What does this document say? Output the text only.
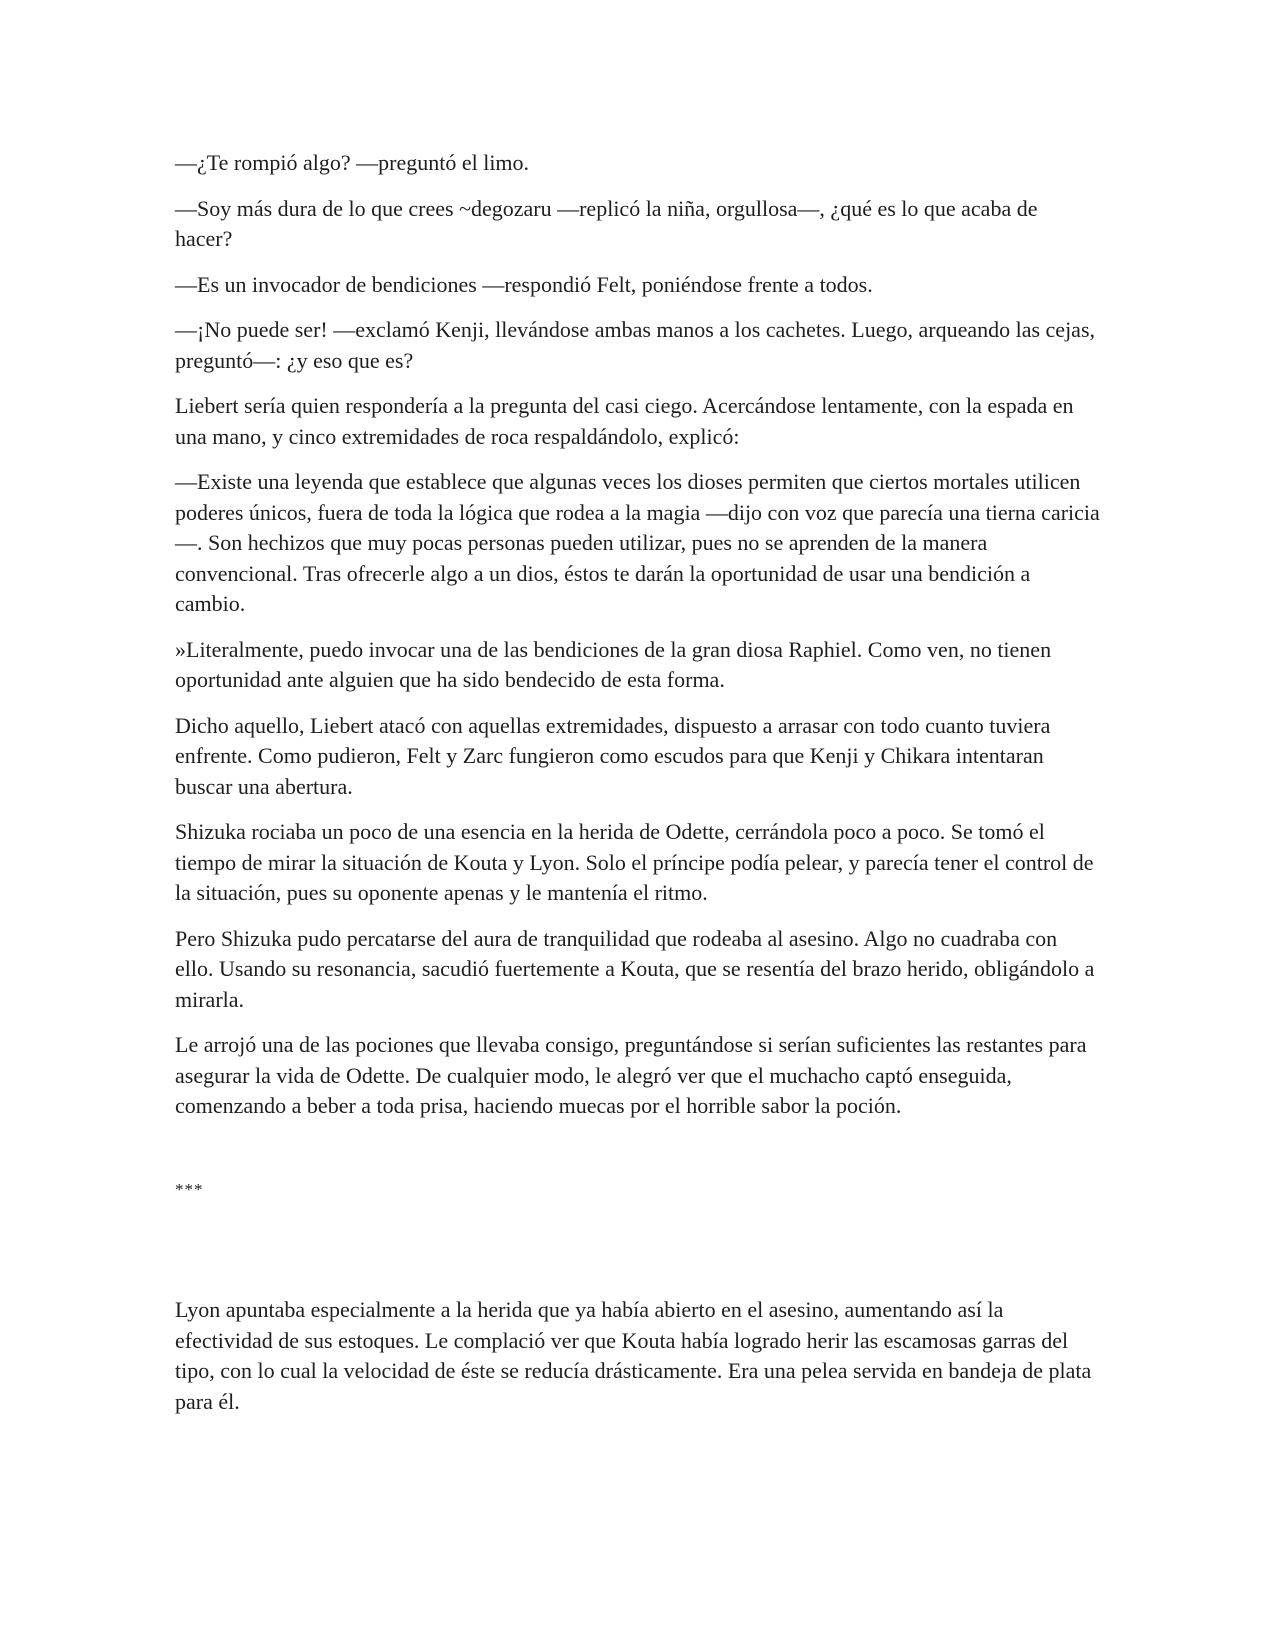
—¿Te rompió algo? —preguntó el limo.

—Soy más dura de lo que crees ~degozaru —replicó la niña, orgullosa—, ¿qué es lo que acaba de hacer?

—Es un invocador de bendiciones —respondió Felt, poniéndose frente a todos.

—¡No puede ser! —exclamó Kenji, llevándose ambas manos a los cachetes. Luego, arqueando las cejas, preguntó—: ¿y eso que es?

Liebert sería quien respondería a la pregunta del casi ciego. Acercándose lentamente, con la espada en una mano, y cinco extremidades de roca respaldándolo, explicó:

—Existe una leyenda que establece que algunas veces los dioses permiten que ciertos mortales utilicen poderes únicos, fuera de toda la lógica que rodea a la magia —dijo con voz que parecía una tierna caricia—. Son hechizos que muy pocas personas pueden utilizar, pues no se aprenden de la manera convencional. Tras ofrecerle algo a un dios, éstos te darán la oportunidad de usar una bendición a cambio.

»Literalmente, puedo invocar una de las bendiciones de la gran diosa Raphiel. Como ven, no tienen oportunidad ante alguien que ha sido bendecido de esta forma.

Dicho aquello, Liebert atacó con aquellas extremidades, dispuesto a arrasar con todo cuanto tuviera enfrente. Como pudieron, Felt y Zarc fungieron como escudos para que Kenji y Chikara intentaran buscar una abertura.

Shizuka rociaba un poco de una esencia en la herida de Odette, cerrándola poco a poco. Se tomó el tiempo de mirar la situación de Kouta y Lyon. Solo el príncipe podía pelear, y parecía tener el control de la situación, pues su oponente apenas y le mantenía el ritmo.

Pero Shizuka pudo percatarse del aura de tranquilidad que rodeaba al asesino. Algo no cuadraba con ello. Usando su resonancia, sacudió fuertemente a Kouta, que se resentía del brazo herido, obligándolo a mirarla.

Le arrojó una de las pociones que llevaba consigo, preguntándose si serían suficientes las restantes para asegurar la vida de Odette. De cualquier modo, le alegró ver que el muchacho captó enseguida, comenzando a beber a toda prisa, haciendo muecas por el horrible sabor la poción.

***

Lyon apuntaba especialmente a la herida que ya había abierto en el asesino, aumentando así la efectividad de sus estoques. Le complació ver que Kouta había logrado herir las escamosas garras del tipo, con lo cual la velocidad de éste se reducía drásticamente. Era una pelea servida en bandeja de plata para él.
